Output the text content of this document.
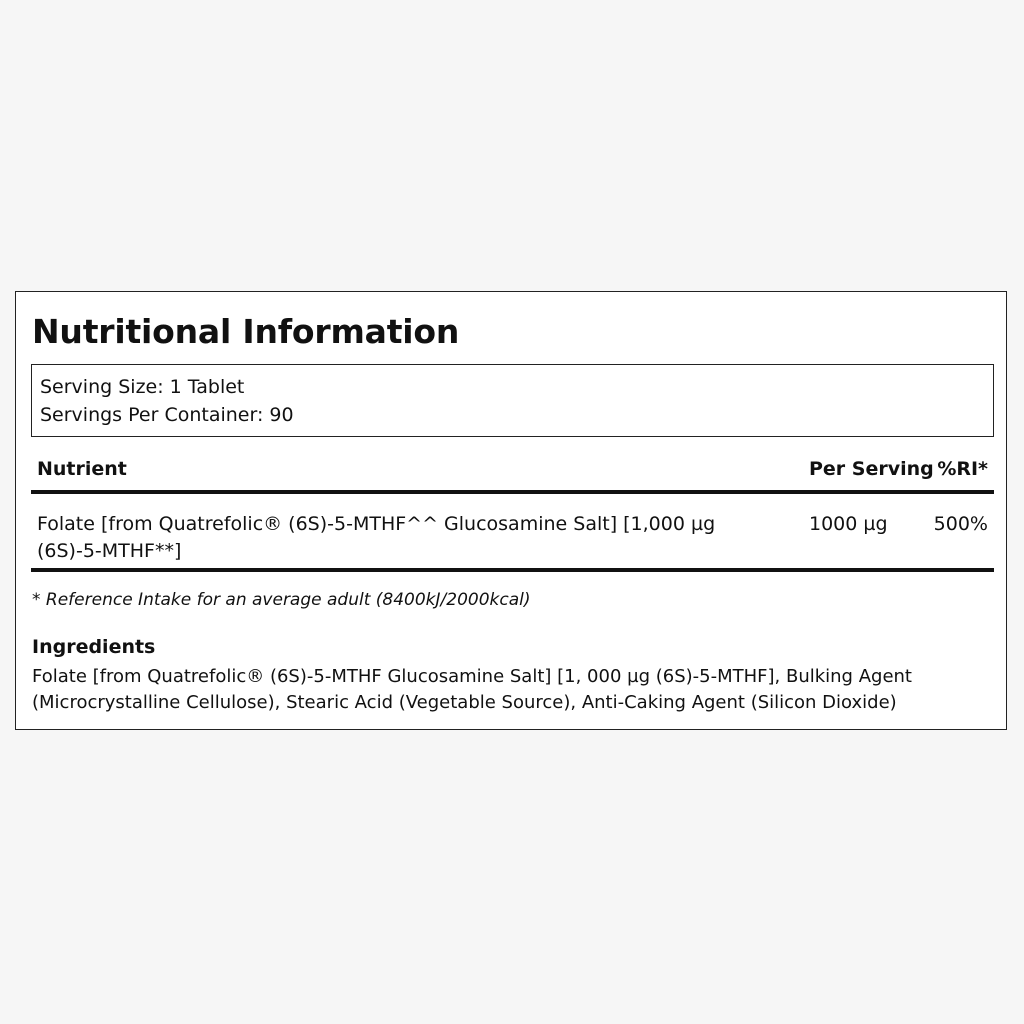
Nutritional Information
Serving Size: 1 Tablet
Servings Per Container: 90
Nutrient	Per Serving %RI*
Folate [from Quatrefolic® (6S)-5-MTHF^^ Glucosamine Salt] [1,000 µg (6S)-5-MTHF**]
1000 µg 500%
* Reference Intake for an average adult (8400kJ/2000kcal)
Ingredients
Folate [from Quatrefolic® (6S)-5-MTHF Glucosamine Salt] [1, 000 µg (6S)-5-MTHF], Bulking Agent (Microcrystalline Cellulose), Stearic Acid (Vegetable Source), Anti-Caking Agent (Silicon Dioxide)
